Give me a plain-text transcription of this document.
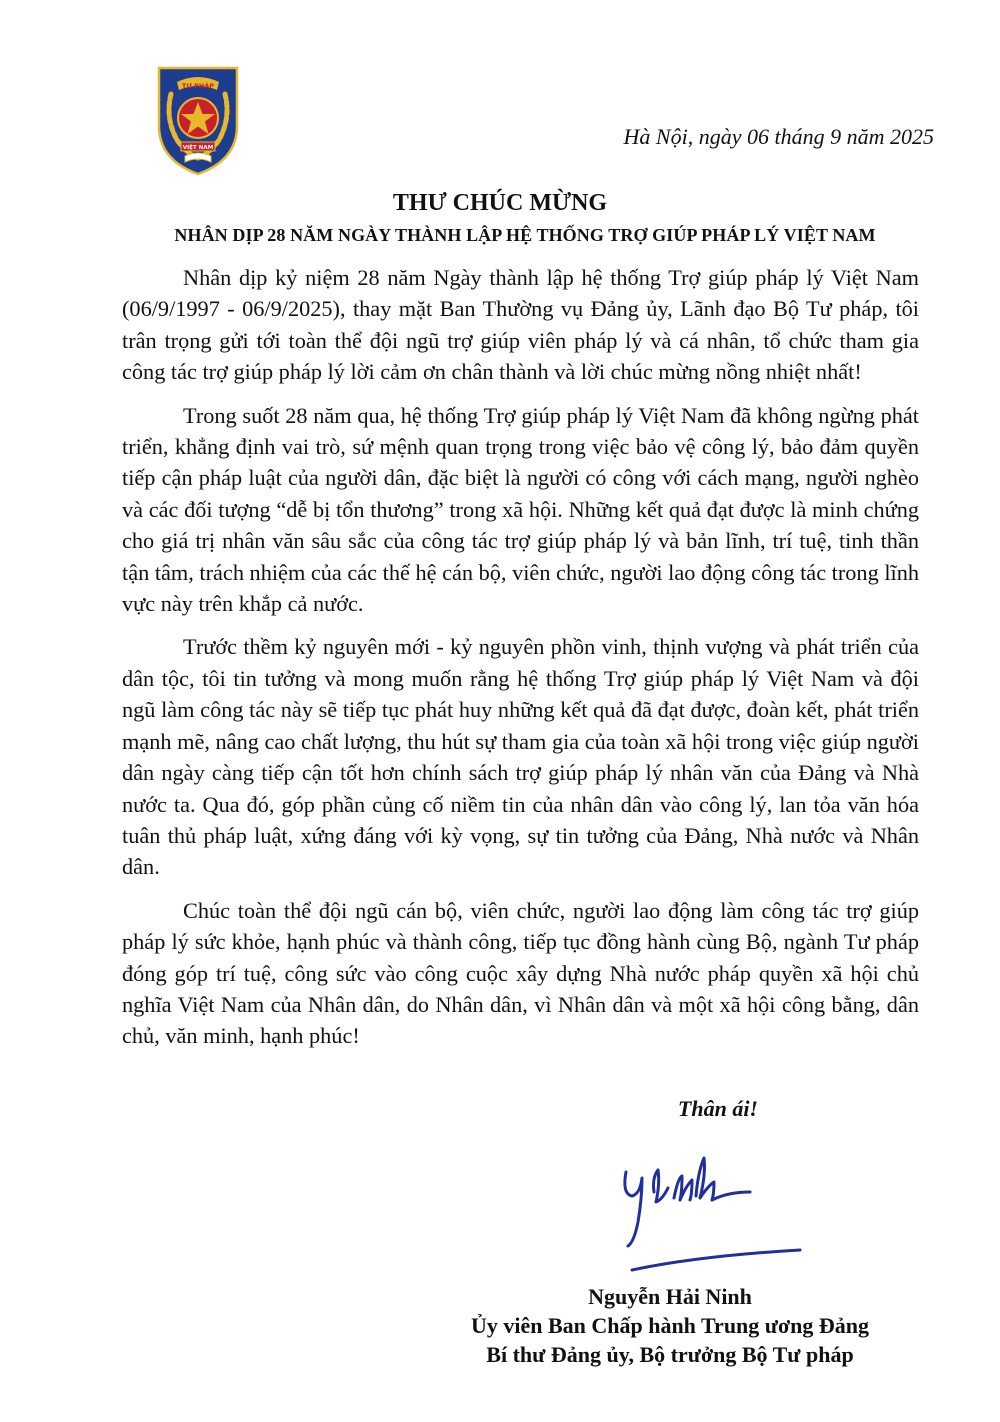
TƯ PHÁP
VIỆT NAM	Hà Nội, ngày 06 tháng 9 năm 2025

THƯ CHÚC MỪNG
NHÂN DỊP 28 NĂM NGÀY THÀNH LẬP HỆ THỐNG TRỢ GIÚP PHÁP LÝ VIỆT NAM

Nhân dịp kỷ niệm 28 năm Ngày thành lập hệ thống Trợ giúp pháp lý Việt Nam (06/9/1997 - 06/9/2025), thay mặt Ban Thường vụ Đảng ủy, Lãnh đạo Bộ Tư pháp, tôi trân trọng gửi tới toàn thể đội ngũ trợ giúp viên pháp lý và cá nhân, tổ chức tham gia công tác trợ giúp pháp lý lời cảm ơn chân thành và lời chúc mừng nồng nhiệt nhất!

Trong suốt 28 năm qua, hệ thống Trợ giúp pháp lý Việt Nam đã không ngừng phát triển, khẳng định vai trò, sứ mệnh quan trọng trong việc bảo vệ công lý, bảo đảm quyền tiếp cận pháp luật của người dân, đặc biệt là người có công với cách mạng, người nghèo và các đối tượng “dễ bị tổn thương” trong xã hội. Những kết quả đạt được là minh chứng cho giá trị nhân văn sâu sắc của công tác trợ giúp pháp lý và bản lĩnh, trí tuệ, tinh thần tận tâm, trách nhiệm của các thế hệ cán bộ, viên chức, người lao động công tác trong lĩnh vực này trên khắp cả nước.

Trước thềm kỷ nguyên mới - kỷ nguyên phồn vinh, thịnh vượng và phát triển của dân tộc, tôi tin tưởng và mong muốn rằng hệ thống Trợ giúp pháp lý Việt Nam và đội ngũ làm công tác này sẽ tiếp tục phát huy những kết quả đã đạt được, đoàn kết, phát triển mạnh mẽ, nâng cao chất lượng, thu hút sự tham gia của toàn xã hội trong việc giúp người dân ngày càng tiếp cận tốt hơn chính sách trợ giúp pháp lý nhân văn của Đảng và Nhà nước ta. Qua đó, góp phần củng cố niềm tin của nhân dân vào công lý, lan tỏa văn hóa tuân thủ pháp luật, xứng đáng với kỳ vọng, sự tin tưởng của Đảng, Nhà nước và Nhân dân.

Chúc toàn thể đội ngũ cán bộ, viên chức, người lao động làm công tác trợ giúp pháp lý sức khỏe, hạnh phúc và thành công, tiếp tục đồng hành cùng Bộ, ngành Tư pháp đóng góp trí tuệ, công sức vào công cuộc xây dựng Nhà nước pháp quyền xã hội chủ nghĩa Việt Nam của Nhân dân, do Nhân dân, vì Nhân dân và một xã hội công bằng, dân chủ, văn minh, hạnh phúc!

Thân ái!

Nguyễn Hải Ninh
Ủy viên Ban Chấp hành Trung ương Đảng
Bí thư Đảng ủy, Bộ trưởng Bộ Tư pháp
